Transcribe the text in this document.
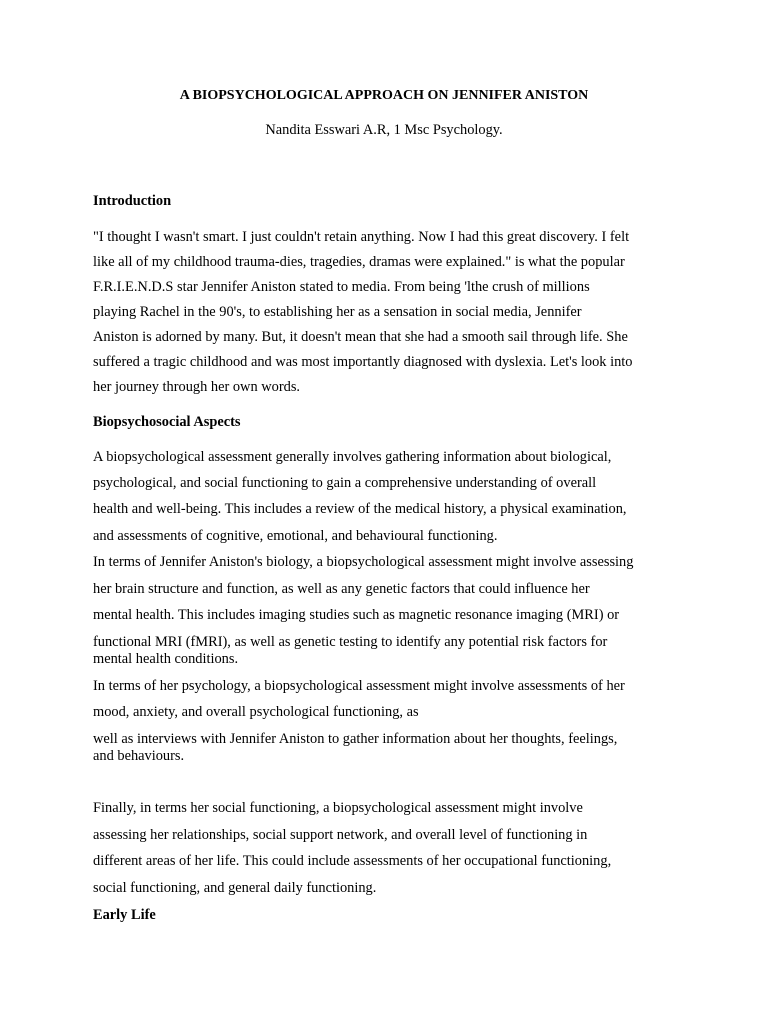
A BIOPSYCHOLOGICAL APPROACH ON JENNIFER ANISTON
Nandita Esswari A.R, 1 Msc Psychology.
Introduction
"I thought I wasn't smart. I just couldn't retain anything. Now I had this great discovery. I felt
like all of my childhood trauma-dies, tragedies, dramas were explained." is what the popular
F.R.I.E.N.D.S star Jennifer Aniston stated to media. From being 'lthe crush of millions
playing Rachel in the 90's, to establishing her as a sensation in social media, Jennifer
Aniston is adorned by many. But, it doesn't mean that she had a smooth sail through life. She
suffered a tragic childhood and was most importantly diagnosed with dyslexia. Let's look into
her journey through her own words.
Biopsychosocial Aspects
A biopsychological assessment generally involves gathering information about biological,
psychological, and social functioning to gain a comprehensive understanding of overall
health and well-being. This includes a review of the medical history, a physical examination,
and assessments of cognitive, emotional, and behavioural functioning.
In terms of Jennifer Aniston's biology, a biopsychological assessment might involve assessing
her brain structure and function, as well as any genetic factors that could influence her
mental health. This includes imaging studies such as magnetic resonance imaging (MRI) or
functional MRI (fMRI), as well as genetic testing to identify any potential risk factors for
mental health conditions.
In terms of her psychology, a biopsychological assessment might involve assessments of her
mood, anxiety, and overall psychological functioning, as
well as interviews with Jennifer Aniston to gather information about her thoughts, feelings,
and behaviours.
Finally, in terms her social functioning, a biopsychological assessment might involve
assessing her relationships, social support network, and overall level of functioning in
different areas of her life. This could include assessments of her occupational functioning,
social functioning, and general daily functioning.
Early Life
